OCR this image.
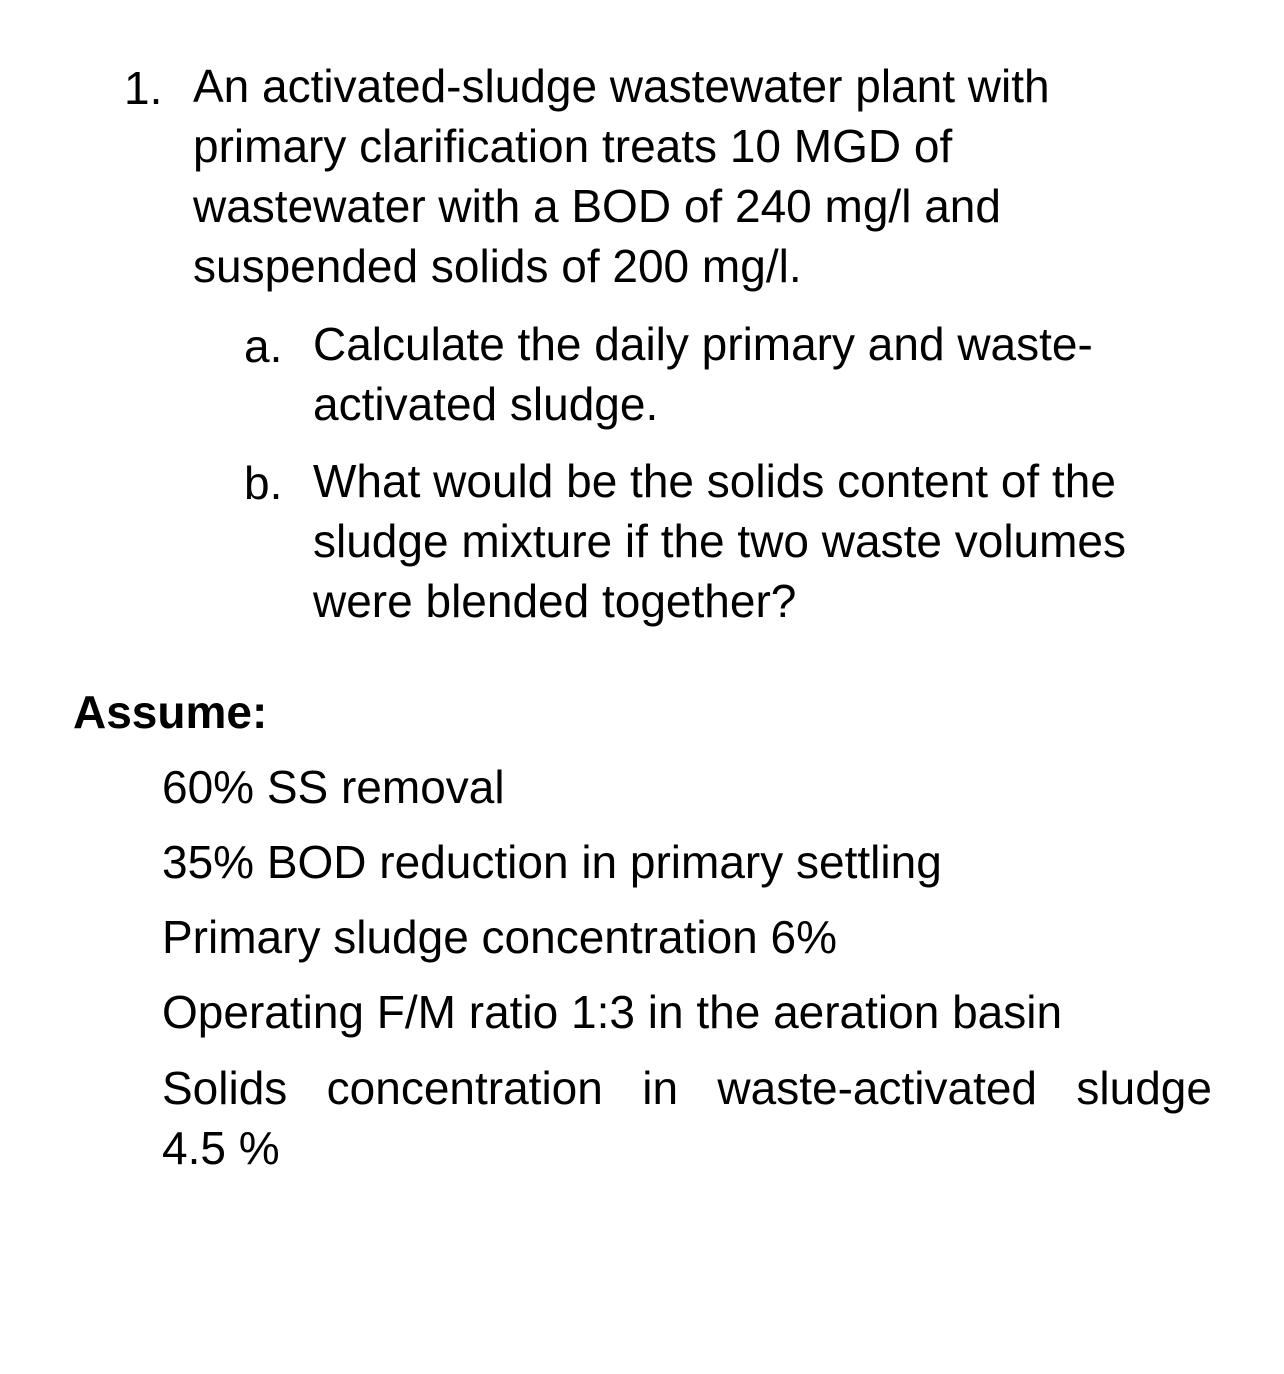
1. An activated-sludge wastewater plant with
primary clarification treats 10 MGD of
wastewater with a BOD of 240 mg/l and
suspended solids of 200 mg/l.
a. Calculate the daily primary and waste-
activated sludge.
b. What would be the solids content of the
sludge mixture if the two waste volumes
were blended together?
Assume:
60% SS removal
35% BOD reduction in primary settling
Primary sludge concentration 6%
Operating F/M ratio 1:3 in the aeration basin
Solids concentration in waste-activated sludge
4.5 %
